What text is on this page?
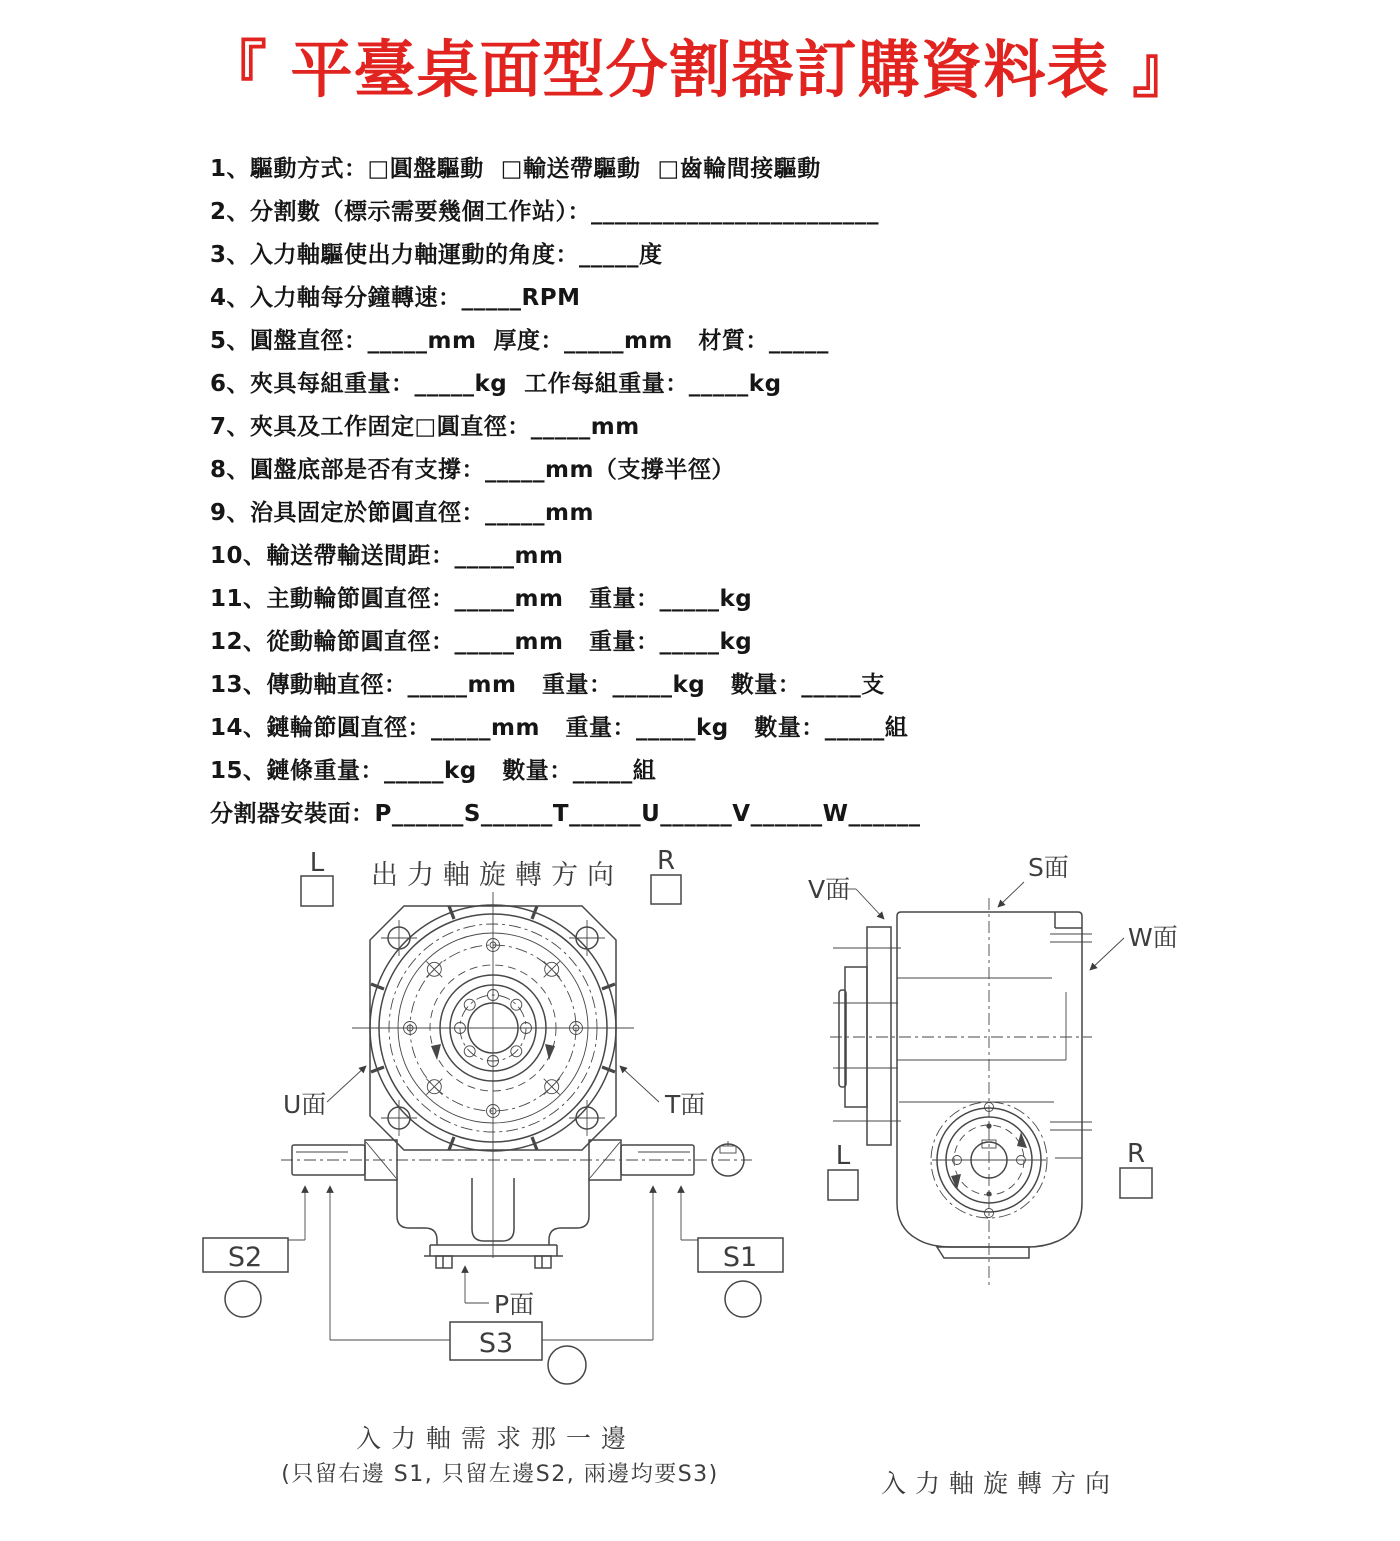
『 平臺桌面型分割器訂購資料表 』
1、驅動方式：□圓盤驅動  □輸送帶驅動  □齒輪間接驅動
2、分割數（標示需要幾個工作站）：________________________
3、入力軸驅使出力軸運動的角度：_____度
4、入力軸每分鐘轉速：_____RPM
5、圓盤直徑：_____mm  厚度：_____mm   材質：_____
6、夾具每組重量：_____kg  工作每組重量：_____kg
7、夾具及工作固定□圓直徑：_____mm
8、圓盤底部是否有支撐：_____mm（支撐半徑）
9、治具固定於節圓直徑：_____mm
10、輸送帶輸送間距：_____mm
11、主動輪節圓直徑：_____mm   重量：_____kg
12、從動輪節圓直徑：_____mm   重量：_____kg
13、傳動軸直徑：_____mm   重量：_____kg   數量：_____支
14、鏈輪節圓直徑：_____mm   重量：_____kg   數量：_____組
15、鏈條重量：_____kg   數量：_____組
分割器安裝面：P______S______T______U______V______W______
出力軸旋轉方向
L	R
U面	T面
S2	S1
S3
P面
入力軸需求那一邊
(只留右邊 S1, 只留左邊S2, 兩邊均要S3)
V面
S面
W面
L	R
入力軸旋轉方向
